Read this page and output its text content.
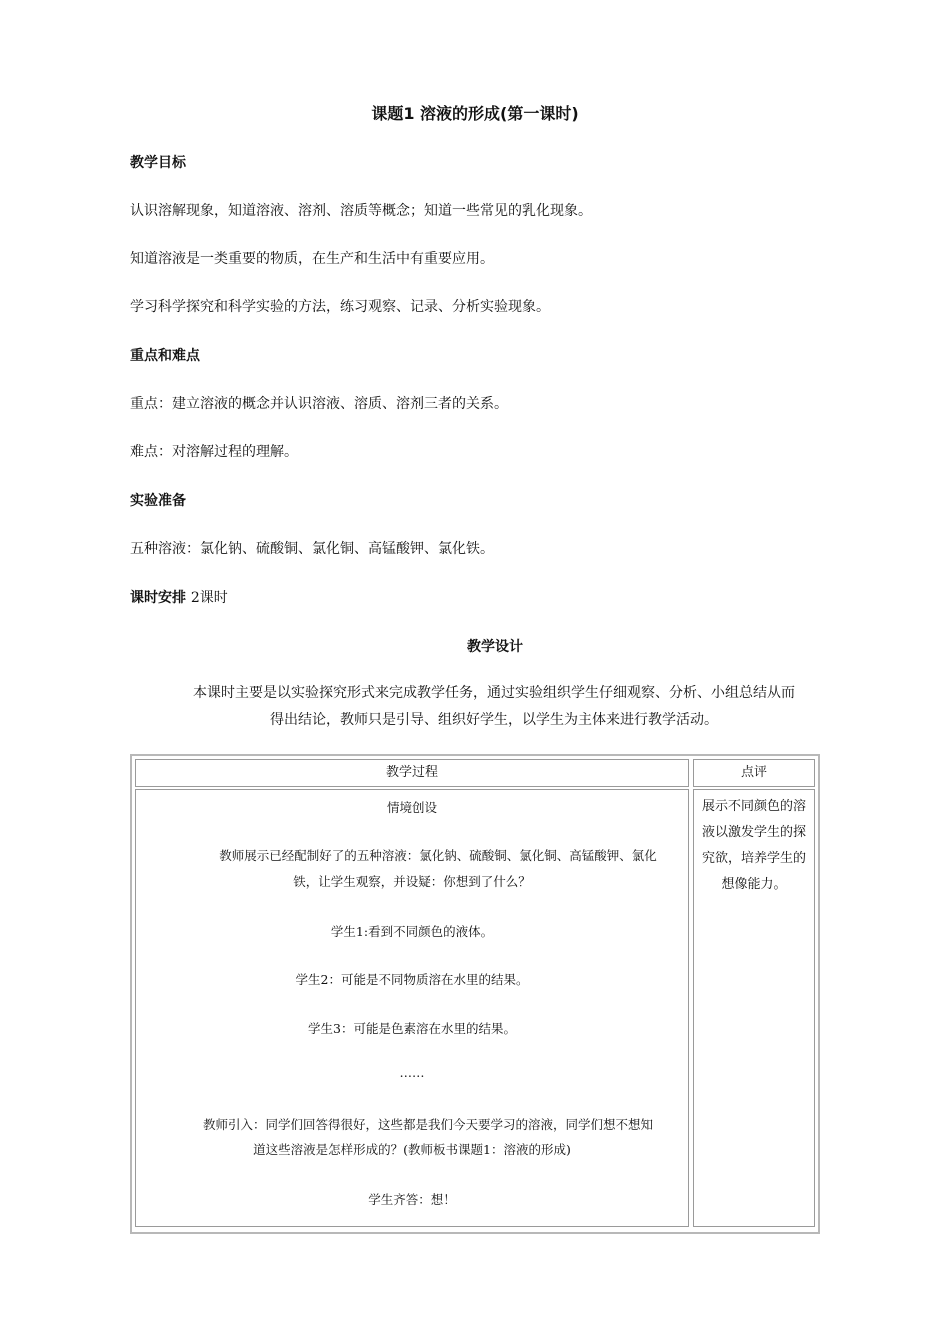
课题1 溶液的形成(第一课时)
教学目标
认识溶解现象，知道溶液、溶剂、溶质等概念；知道一些常见的乳化现象。
知道溶液是一类重要的物质，在生产和生活中有重要应用。
学习科学探究和科学实验的方法，练习观察、记录、分析实验现象。
重点和难点
重点：建立溶液的概念并认识溶液、溶质、溶剂三者的关系。
难点：对溶解过程的理解。
实验准备
五种溶液：氯化钠、硫酸铜、氯化铜、高锰酸钾、氯化铁。
课时安排 2课时
教学设计
本课时主要是以实验探究形式来完成教学任务，通过实验组织学生仔细观察、分析、小组总结从而
得出结论，教师只是引导、组织好学生，以学生为主体来进行教学活动。
教学过程	点评
情境创设
教师展示已经配制好了的五种溶液：氯化钠、硫酸铜、氯化铜、高锰酸钾、氯化
铁，让学生观察，并设疑：你想到了什么？
学生1:看到不同颜色的液体。
学生2：可能是不同物质溶在水里的结果。
学生3：可能是色素溶在水里的结果。
……
教师引入：同学们回答得很好，这些都是我们今天要学习的溶液，同学们想不想知
道这些溶液是怎样形成的？(教师板书课题1：溶液的形成)
学生齐答：想！
展示不同颜色的溶
液以激发学生的探
究欲，培养学生的
想像能力。
